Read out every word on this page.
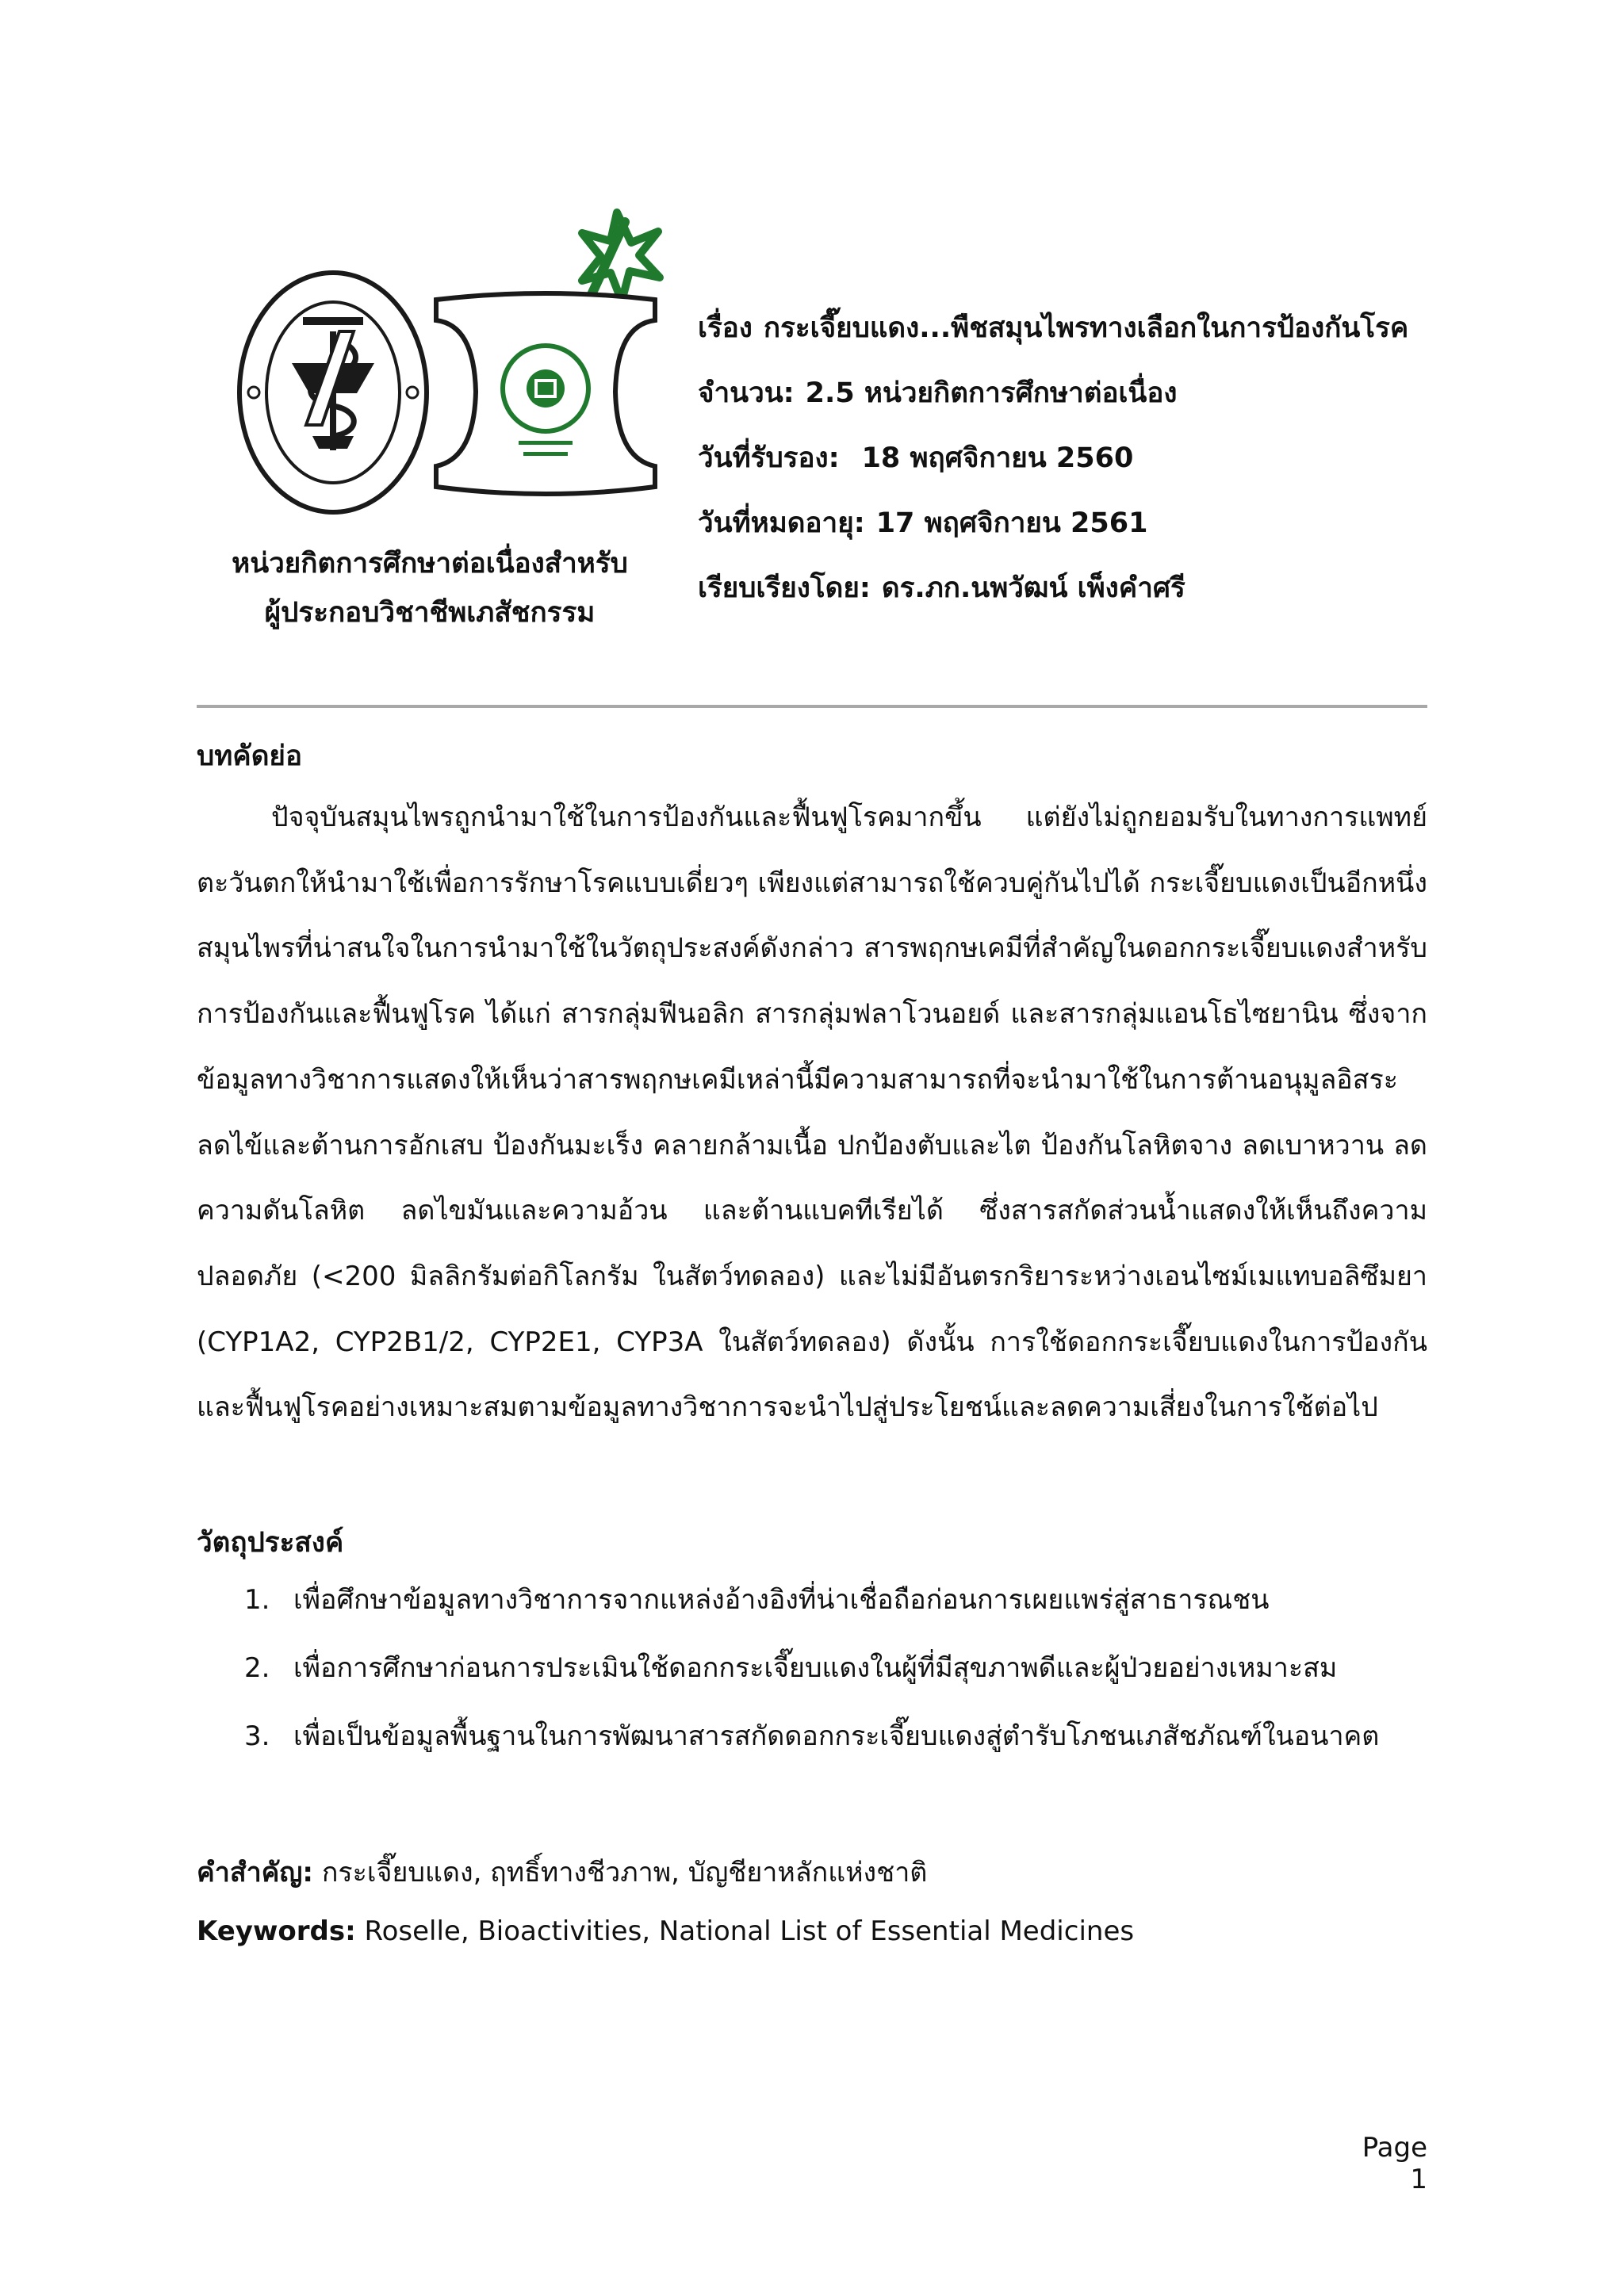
หน่วยกิตการศึกษาต่อเนื่องสำหรับ
ผู้ประกอบวิชาชีพเภสัชกรรม
เรื่อง กระเจี๊ยบแดง...พืชสมุนไพรทางเลือกในการป้องกันโรค
จำนวน: 2.5 หน่วยกิตการศึกษาต่อเนื่อง
วันที่รับรอง: 18 พฤศจิกายน 2560
วันที่หมดอายุ: 17 พฤศจิกายน 2561
เรียบเรียงโดย: ดร.ภก.นพวัฒน์ เพ็งคำศรี
บทคัดย่อ

ปัจจุบันสมุนไพรถูกนำมาใช้ในการป้องกันและฟื้นฟูโรคมากขึ้น แต่ยังไม่ถูกยอมรับในทางการแพทย์ตะวันตกให้นำมาใช้เพื่อการรักษาโรคแบบเดี่ยวๆ เพียงแต่สามารถใช้ควบคู่กันไปได้ กระเจี๊ยบแดงเป็นอีกหนึ่งสมุนไพรที่น่าสนใจในการนำมาใช้ในวัตถุประสงค์ดังกล่าว สารพฤกษเคมีที่สำคัญในดอกกระเจี๊ยบแดงสำหรับการป้องกันและฟื้นฟูโรค ได้แก่ สารกลุ่มฟีนอลิก สารกลุ่มฟลาโวนอยด์ และสารกลุ่มแอนโธไซยานิน ซึ่งจากข้อมูลทางวิชาการแสดงให้เห็นว่าสารพฤกษเคมีเหล่านี้มีความสามารถที่จะนำมาใช้ในการต้านอนุมูลอิสระ ลดไข้และต้านการอักเสบ ป้องกันมะเร็ง คลายกล้ามเนื้อ ปกป้องตับและไต ป้องกันโลหิตจาง ลดเบาหวาน ลดความดันโลหิต ลดไขมันและความอ้วน และต้านแบคทีเรียได้ ซึ่งสารสกัดส่วนน้ำแสดงให้เห็นถึงความปลอดภัย (<200 มิลลิกรัมต่อกิโลกรัม ในสัตว์ทดลอง) และไม่มีอันตรกริยาระหว่างเอนไซม์เมแทบอลิซึมยา (CYP1A2, CYP2B1/2, CYP2E1, CYP3A ในสัตว์ทดลอง) ดังนั้น การใช้ดอกกระเจี๊ยบแดงในการป้องกันและฟื้นฟูโรคอย่างเหมาะสมตามข้อมูลทางวิชาการจะนำไปสู่ประโยชน์และลดความเสี่ยงในการใช้ต่อไป

วัตถุประสงค์
1. เพื่อศึกษาข้อมูลทางวิชาการจากแหล่งอ้างอิงที่น่าเชื่อถือก่อนการเผยแพร่สู่สาธารณชน
2. เพื่อการศึกษาก่อนการประเมินใช้ดอกกระเจี๊ยบแดงในผู้ที่มีสุขภาพดีและผู้ป่วยอย่างเหมาะสม
3. เพื่อเป็นข้อมูลพื้นฐานในการพัฒนาสารสกัดดอกกระเจี๊ยบแดงสู่ตำรับโภชนเภสัชภัณฑ์ในอนาคต
คำสำคัญ: กระเจี๊ยบแดง, ฤทธิ์ทางชีวภาพ, บัญชียาหลักแห่งชาติ
Keywords: Roselle, Bioactivities, National List of Essential Medicines
Page 1
